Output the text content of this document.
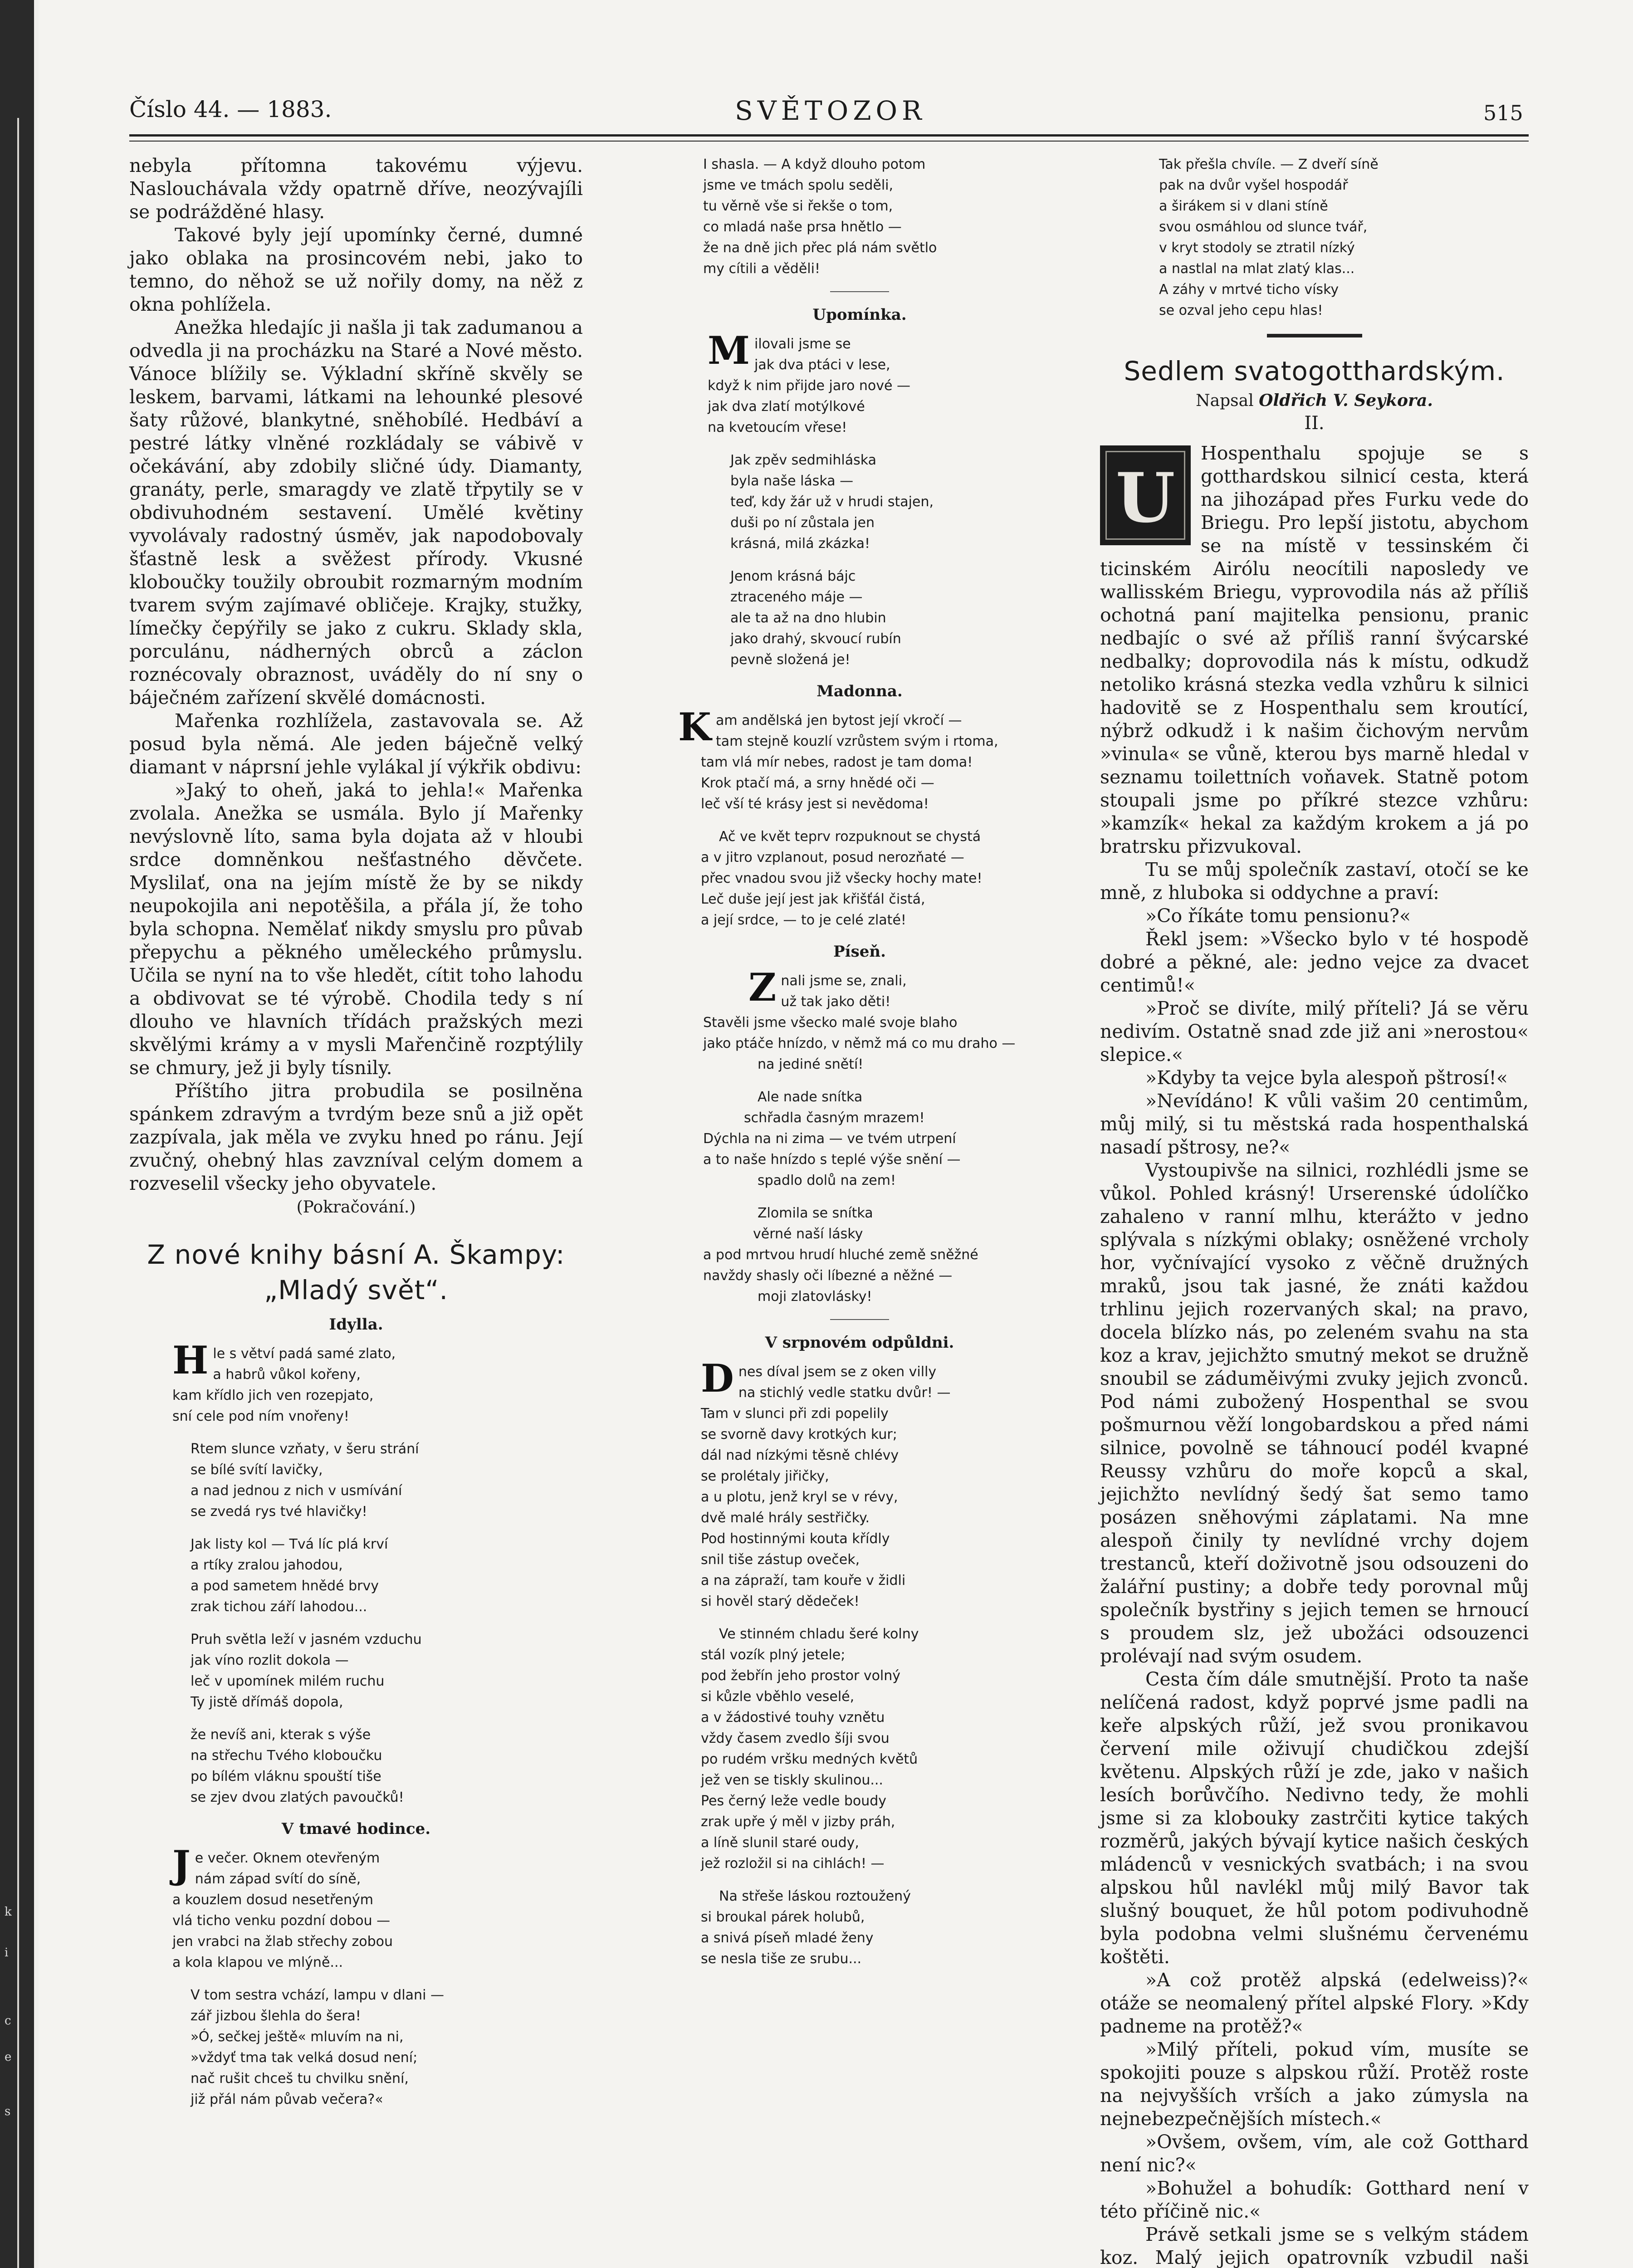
k
i
c
e
s
Číslo 44. — 1883.	SVĚTOZOR	515

nebyla přítomna takovému výjevu. Naslouchávala vždy opatrně dříve, neozývajíli se podrážděné hlasy.

Takové byly její upomínky černé, dumné jako oblaka na prosincovém nebi, jako to temno, do něhož se už nořily domy, na něž z okna pohlížela.

Anežka hledajíc ji našla ji tak zadumanou a odvedla ji na procházku na Staré a Nové město. Vánoce blížily se. Výkladní skříně skvěly se leskem, barvami, látkami na lehounké plesové šaty růžové, blankytné, sněhobílé. Hedbáví a pestré látky vlněné rozkládaly se vábivě v očekávání, aby zdobily sličné údy. Diamanty, granáty, perle, smaragdy ve zlatě třpytily se v obdivuhodném sestavení. Umělé květiny vyvolávaly radostný úsměv, jak napodobovaly šťastně lesk a svěžest přírody. Vkusné kloboučky toužily obroubit rozmarným modním tvarem svým zajímavé obličeje. Krajky, stužky, límečky čepýřily se jako z cukru. Sklady skla, porculánu, nádherných obrců a záclon roznécovaly obraznost, uváděly do ní sny o báječném zařízení skvělé domácnosti.

Mařenka rozhlížela, zastavovala se. Až posud byla němá. Ale jeden báječně velký diamant v náprsní jehle vylákal jí výkřik obdivu:

»Jaký to oheň, jaká to jehla!« Mařenka zvolala. Anežka se usmála. Bylo jí Mařenky nevýslovně líto, sama byla dojata až v hloubi srdce domněnkou nešťastného děvčete. Myslilať, ona na jejím místě že by se nikdy neupokojila ani nepotěšila, a přála jí, že toho byla schopna. Nemělať nikdy smyslu pro půvab přepychu a pěkného uměleckého průmyslu. Učila se nyní na to vše hledět, cítit toho lahodu a obdivovat se té výrobě. Chodila tedy s ní dlouho ve hlavních třídách pražských mezi skvělými krámy a v mysli Mařenčině rozptýlily se chmury, jež ji byly tísnily.

Příštího jitra probudila se posilněna spánkem zdravým a tvrdým beze snů a již opět zazpívala, jak měla ve zvyku hned po ránu. Její zvučný, ohebný hlas zavzníval celým domem a rozveselil všecky jeho obyvatele.

(Pokračování.)
Z nové knihy básní A. Škampy:
„Mladý svět“.
Idylla.
Hle s větví padá samé zlato,
a habrů vůkol kořeny,
kam křídlo jich ven rozepjato,
sní cele pod ním vnořeny!
Rtem slunce vzňaty, v šeru strání
se bílé svítí lavičky,
a nad jednou z nich v usmívání
se zvedá rys tvé hlavičky!
Jak listy kol — Tvá líc plá krví
a rtíky zralou jahodou,
a pod sametem hnědé brvy
zrak tichou září lahodou...
Pruh světla leží v jasném vzduchu
jak víno rozlit dokola —
leč v upomínek milém ruchu
Ty jistě dřímáš dopola,
že nevíš ani, kterak s výše
na střechu Tvého kloboučku
po bílém vláknu spouští tiše
se zjev dvou zlatých pavoučků!
V tmavé hodince.
Je večer. Oknem otevřeným
nám západ svítí do síně,
a kouzlem dosud nesetřeným
vlá ticho venku pozdní dobou —
jen vrabci na žlab střechy zobou
a kola klapou ve mlýně...
V tom sestra vchází, lampu v dlani —
zář jizbou šlehla do šera!
»Ó, sečkej ještě« mluvím na ni,
»vždyť tma tak velká dosud není;
nač rušit chceš tu chvilku snění,
již přál nám půvab večera?«
I shasla. — A když dlouho potom
jsme ve tmách spolu seděli,
tu věrně vše si řekše o tom,
co mladá naše prsa hnětlo —
že na dně jich přec plá nám světlo
my cítili a věděli!
Upomínka.
Milovali jsme se
jak dva ptáci v lese,
když k nim přijde jaro nové —
jak dva zlatí motýlkové
na kvetoucím vřese!
Jak zpěv sedmihláska
byla naše láska —
teď, kdy žár už v hrudi stajen,
duši po ní zůstala jen
krásná, milá zkázka!
Jenom krásná bájc
ztraceného máje —
ale ta až na dno hlubin
jako drahý, skvoucí rubín
pevně složená je!
Madonna.
Kam andělská jen bytost její vkročí —
tam stejně kouzlí vzrůstem svým i rtoma,
tam vlá mír nebes, radost je tam doma!
Krok ptačí má, a srny hnědé oči —
leč vší té krásy jest si nevědoma!
Ač ve květ teprv rozpuknout se chystá
a v jitro vzplanout, posud nerozňaté —
přec vnadou svou již všecky hochy mate!
Leč duše její jest jak křišťál čistá,
a její srdce, — to je celé zlaté!
Píseň.
Znali jsme se, znali,
už tak jako děti!
Stavěli jsme všecko malé svoje blaho
jako ptáče hnízdo, v němž má co mu draho —
na jediné snětí!
Ale nade snítka
schřadla časným mrazem!
Dýchla na ni zima — ve tvém utrpení
a to naše hnízdo s teplé výše snění —
spadlo dolů na zem!
Zlomila se snítka
věrné naší lásky
a pod mrtvou hrudí hluché země sněžné
navždy shasly oči líbezné a něžné —
moji zlatovlásky!
V srpnovém odpůldni.
Dnes díval jsem se z oken villy
na stichlý vedle statku dvůr! —
Tam v slunci při zdi popelily
se svorně davy krotkých kur;
dál nad nízkými těsně chlévy
se prolétaly jiřičky,
a u plotu, jenž kryl se v révy,
dvě malé hrály sestřičky.
Pod hostinnými kouta křídly
snil tiše zástup oveček,
a na zápraží, tam kouře v židli
si hověl starý dědeček!
Ve stinném chladu šeré kolny
stál vozík plný jetele;
pod žebřín jeho prostor volný
si kůzle vběhlo veselé,
a v žádostivé touhy vznětu
vždy časem zvedlo šíji svou
po rudém vršku medných květů
jež ven se tiskly skulinou...
Pes černý leže vedle boudy
zrak upře ý měl v jizby práh,
a líně slunil staré oudy,
jež rozložil si na cihlách! —
Na střeše láskou roztoužený
si broukal párek holubů,
a snivá píseň mladé ženy
se nesla tiše ze srubu...
Tak přešla chvíle. — Z dveří síně
pak na dvůr vyšel hospodář
a širákem si v dlani stíně
svou osmáhlou od slunce tvář,
v kryt stodoly se ztratil nízký
a nastlal na mlat zlatý klas...
A záhy v mrtvé ticho vísky
se ozval jeho cepu hlas!
Sedlem svatogotthardským.
Napsal Oldřich V. Seykora.
II.
U

Hospenthalu spojuje se s gotthardskou silnicí cesta, která na jihozápad přes Furku vede do Briegu. Pro lepší jistotu, abychom se na místě v tessinském či ticinském Airólu neocítili naposledy ve wallisském Briegu, vyprovodila nás až příliš ochotná paní majitelka pensionu, pranic nedbajíc o své až příliš ranní švýcarské nedbalky; doprovodila nás k místu, odkudž netoliko krásná stezka vedla vzhůru k silnici hadovitě se z Hospenthalu sem kroutící, nýbrž odkudž i k našim čichovým nervům »vinula« se vůně, kterou bys marně hledal v seznamu toilettních voňavek. Statně potom stoupali jsme po příkré stezce vzhůru: »kamzík« hekal za každým krokem a já po bratrsku přizvukoval.

Tu se můj společník zastaví, otočí se ke mně, z hluboka si oddychne a praví:

»Co říkáte tomu pensionu?«

Řekl jsem: »Všecko bylo v té hospodě dobré a pěkné, ale: jedno vejce za dvacet centimů!«

»Proč se divíte, milý příteli? Já se věru nedivím. Ostatně snad zde již ani »nerostou« slepice.«

»Kdyby ta vejce byla alespoň pštrosí!«

»Nevídáno! K vůli vašim 20 centimům, můj milý, si tu městská rada hospenthalská nasadí pštrosy, ne?«

Vystoupivše na silnici, rozhlédli jsme se vůkol. Pohled krásný! Urserenské údolíčko zahaleno v ranní mlhu, kterážto v jedno splývala s nízkými oblaky; osněžené vrcholy hor, vyčnívající vysoko z věčně družných mraků, jsou tak jasné, že znáti každou trhlinu jejich rozervaných skal; na pravo, docela blízko nás, po zeleném svahu na sta koz a krav, jejichžto smutný mekot se družně snoubil se záduměivými zvuky jejich zvonců. Pod námi zubožený Hospenthal se svou pošmurnou věží longobardskou a před námi silnice, povolně se táhnoucí podél kvapné Reussy vzhůru do moře kopců a skal, jejichžto nevlídný šedý šat semo tamo posázen sněhovými záplatami. Na mne alespoň činily ty nevlídné vrchy dojem trestanců, kteří doživotně jsou odsouzeni do žalářní pustiny; a dobře tedy porovnal můj společník bystřiny s jejich temen se hrnoucí s proudem slz, jež ubožáci odsouzenci prolévají nad svým osudem.

Cesta čím dále smutnější. Proto ta naše nelíčená radost, když poprvé jsme padli na keře alpských růží, jež svou pronikavou červení mile oživují chudičkou zdejší květenu. Alpských růží je zde, jako v našich lesích borůvčího. Nedivno tedy, že mohli jsme si za klobouky zastrčiti kytice takých rozměrů, jakých bývají kytice našich českých mládenců v vesnických svatbách; i na svou alpskou hůl navlékl můj milý Bavor tak slušný bouquet, že hůl potom podivuhodně byla podobna velmi slušnému červenému koštěti.

»A což protěž alpská (edelweiss)?« otáže se neomalený přítel alpské Flory. »Kdy padneme na protěž?«

»Milý příteli, pokud vím, musíte se spokojiti pouze s alpskou růží. Protěž roste na nejvyšších vrších a jako zúmysla na nejnebezpečnějších místech.«

»Ovšem, ovšem, vím, ale což Gotthard není nic?«

»Bohužel a bohudík: Gotthard není v této příčině nic.«

Právě setkali jsme se s velkým stádem koz. Malý jejich opatrovník vzbudil naši
